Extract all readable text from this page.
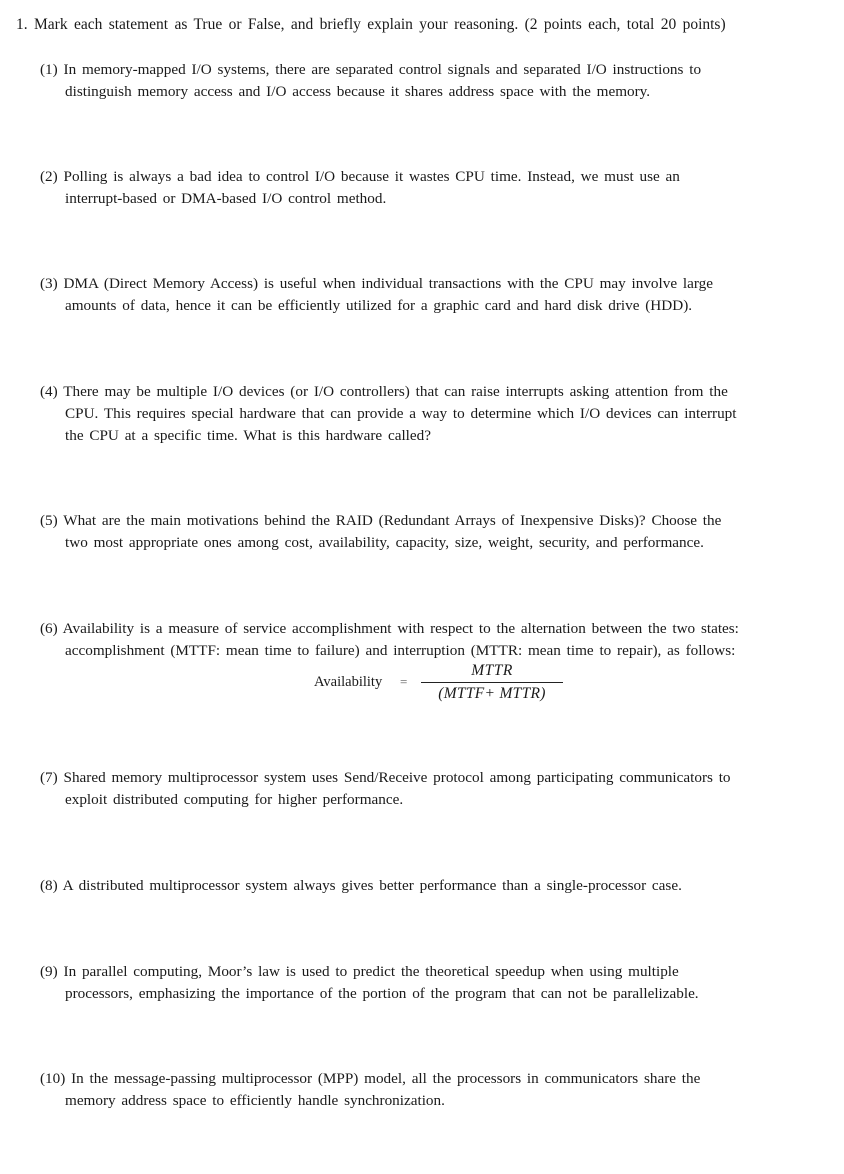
1. Mark each statement as True or False, and briefly explain your reasoning. (2 points each, total 20 points)
(1) In memory-mapped I/O systems, there are separated control signals and separated I/O instructions to
distinguish memory access and I/O access because it shares address space with the memory.
(2) Polling is always a bad idea to control I/O because it wastes CPU time. Instead, we must use an
interrupt-based or DMA-based I/O control method.
(3) DMA (Direct Memory Access) is useful when individual transactions with the CPU may involve large
amounts of data, hence it can be efficiently utilized for a graphic card and hard disk drive (HDD).
(4) There may be multiple I/O devices (or I/O controllers) that can raise interrupts asking attention from the
CPU. This requires special hardware that can provide a way to determine which I/O devices can interrupt
the CPU at a specific time. What is this hardware called?
(5) What are the main motivations behind the RAID (Redundant Arrays of Inexpensive Disks)? Choose the
two most appropriate ones among cost, availability, capacity, size, weight, security, and performance.
(6) Availability is a measure of service accomplishment with respect to the alternation between the two states:
accomplishment (MTTF: mean time to failure) and interruption (MTTR: mean time to repair), as follows:
Availability =
MTTR
(MTTF+ MTTR)
(7) Shared memory multiprocessor system uses Send/Receive protocol among participating communicators to
exploit distributed computing for higher performance.
(8) A distributed multiprocessor system always gives better performance than a single-processor case.
(9) In parallel computing, Moor’s law is used to predict the theoretical speedup when using multiple
processors, emphasizing the importance of the portion of the program that can not be parallelizable.
(10) In the message-passing multiprocessor (MPP) model, all the processors in communicators share the
memory address space to efficiently handle synchronization.
